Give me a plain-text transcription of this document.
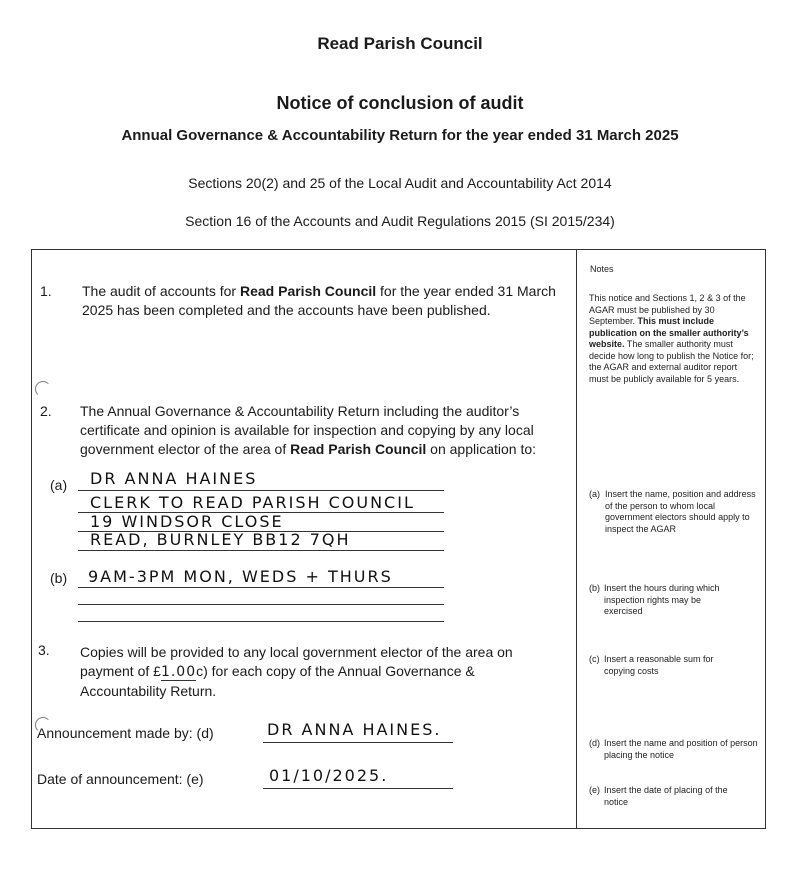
Read Parish Council
Notice of conclusion of audit
Annual Governance & Accountability Return for the year ended 31 March 2025
Sections 20(2) and 25 of the Local Audit and Accountability Act 2014
Section 16 of the Accounts and Audit Regulations 2015 (SI 2015/234)
1. The audit of accounts for Read Parish Council for the year ended 31 March
2025 has been completed and the accounts have been published.
2. The Annual Governance & Accountability Return including the auditor’s
certificate and opinion is available for inspection and copying by any local
government elector of the area of Read Parish Council on application to:
(a) DR ANNA HAINES
CLERK TO READ PARISH COUNCIL
19 WINDSOR CLOSE
READ, BURNLEY BB12 7QH
(b) 9AM-3PM MON, WEDS + THURS
3. Copies will be provided to any local government elector of the area on
payment of £1.00c) for each copy of the Annual Governance &
Accountability Return.
Announcement made by: (d)	DR ANNA HAINES.
Date of announcement: (e)	01/10/2025.
Notes
This notice and Sections 1, 2 & 3 of the AGAR must be published by 30 September. This must include publication on the smaller authority’s website. The smaller authority must decide how long to publish the Notice for; the AGAR and external auditor report must be publicly available for 5 years.
(a) Insert the name, position and address of the person to whom local government electors should apply to inspect the AGAR
(b) Insert the hours during which inspection rights may be exercised
(c) Insert a reasonable sum for copying costs
(d) Insert the name and position of person placing the notice
(e) Insert the date of placing of the notice
